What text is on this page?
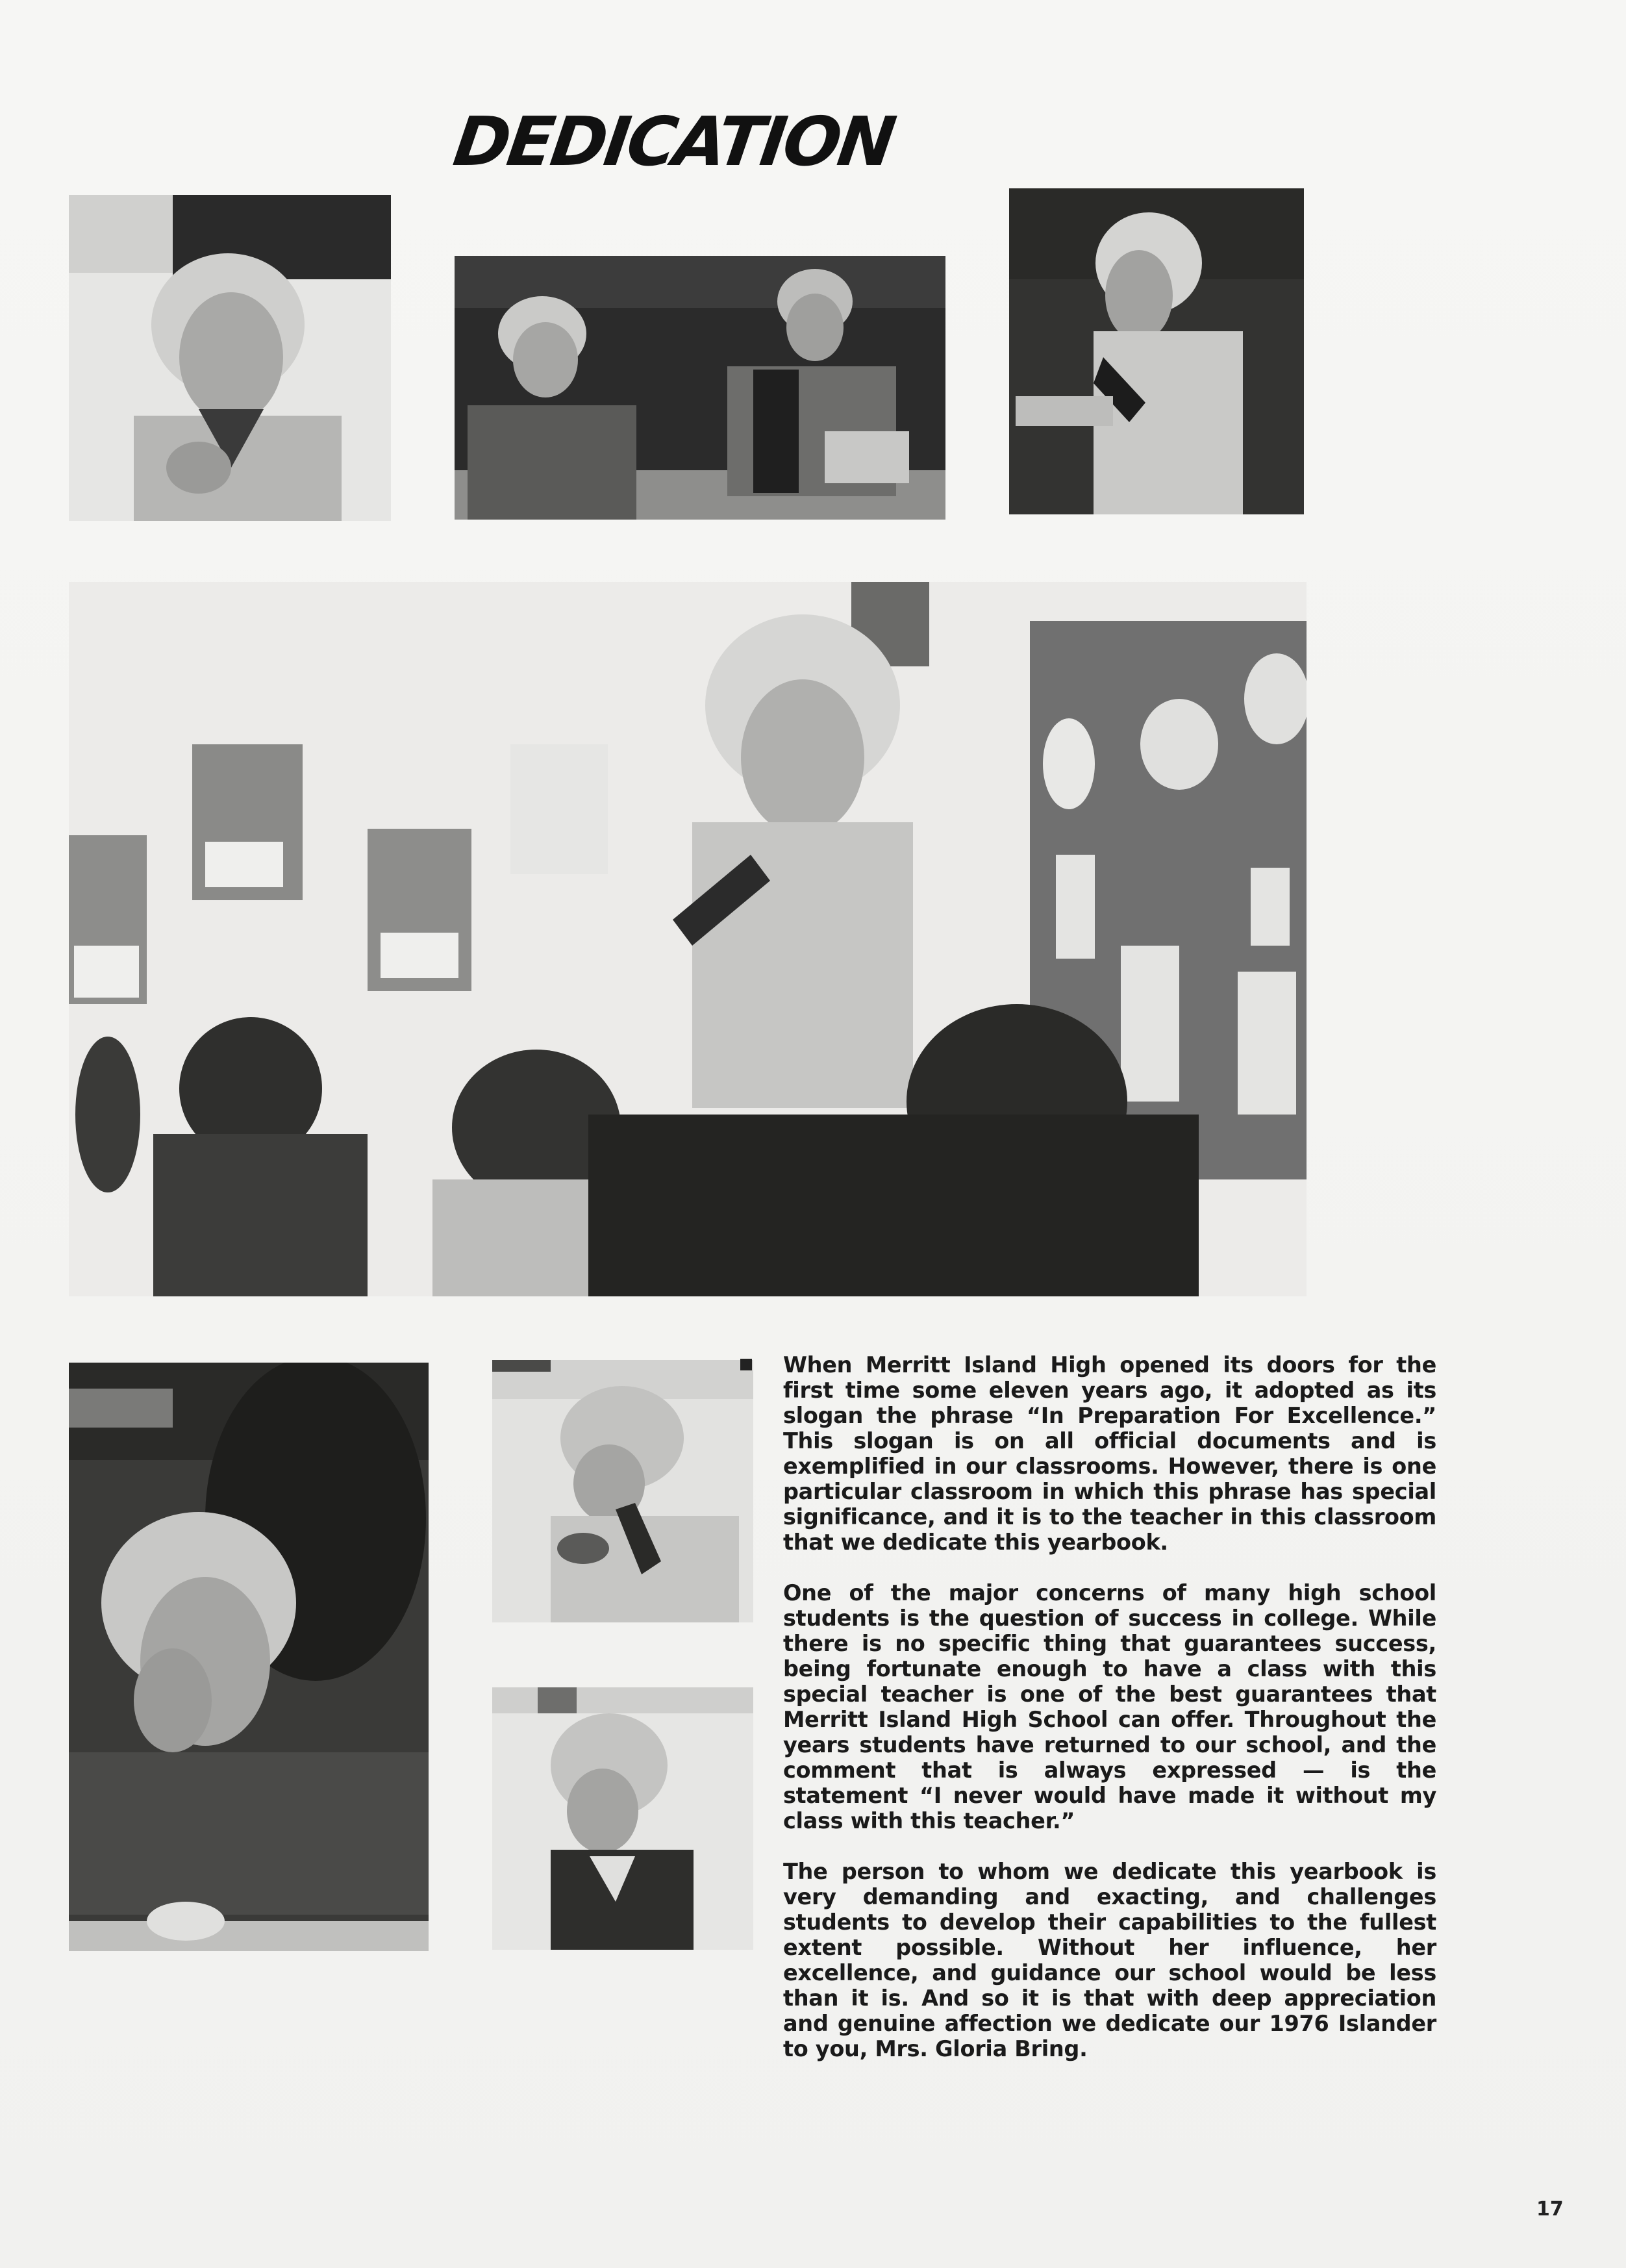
DEDICATION

When Merritt Island High opened its doors for the first time some eleven years ago, it adopted as its slogan the phrase “In Preparation For Excellence.” This slogan is on all official documents and is exemplified in our classrooms. However, there is one particular classroom in which this phrase has special significance, and it is to the teacher in this classroom that we dedicate this yearbook.

One of the major concerns of many high school students is the question of success in college. While there is no specific thing that guarantees success, being fortunate enough to have a class with this special teacher is one of the best guarantees that Merritt Island High School can offer. Throughout the years students have returned to our school, and the comment that is always expressed — is the statement “I never would have made it without my class with this teacher.”

The person to whom we dedicate this yearbook is very demanding and exacting, and challenges students to develop their capabilities to the fullest extent possible. Without her influence, her excellence, and guidance our school would be less than it is. And so it is that with deep appreciation and genuine affection we dedicate our 1976 Islander to you, Mrs. Gloria Bring.

17
